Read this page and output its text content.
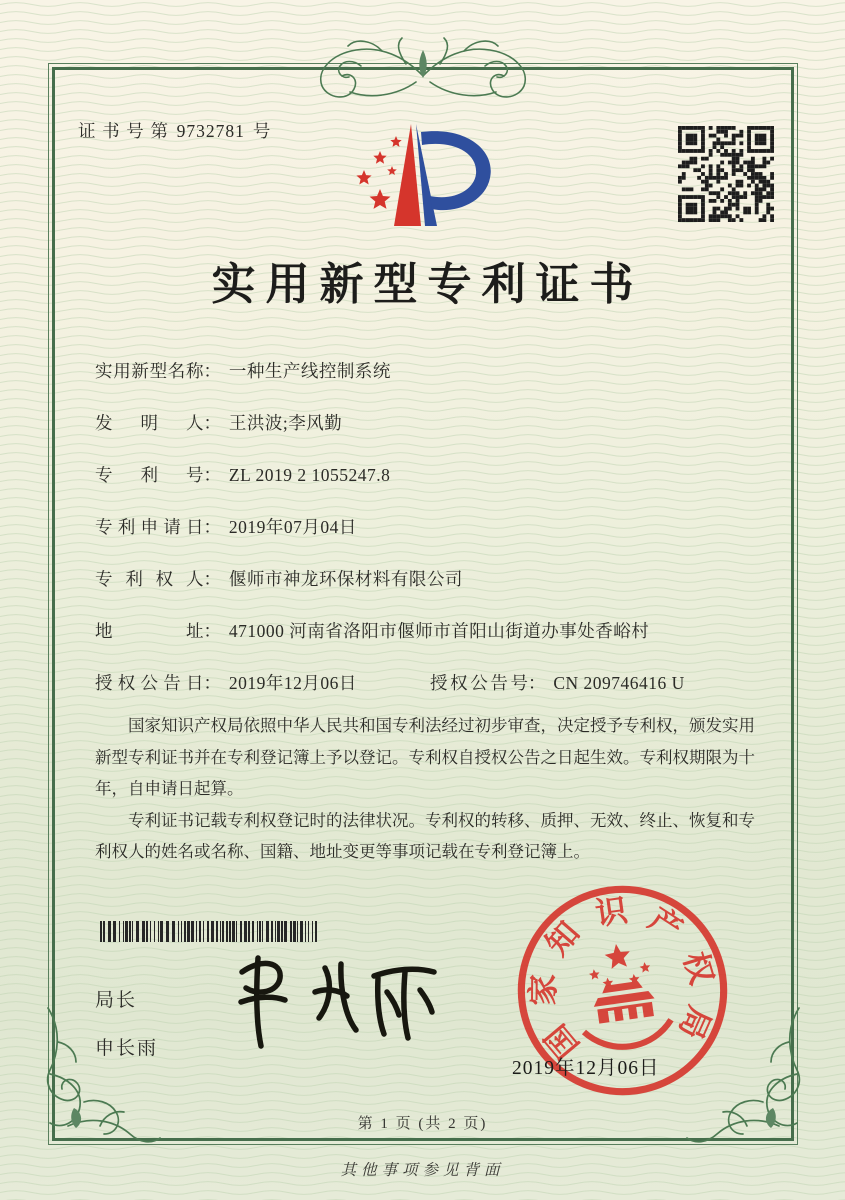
证书号第 9732781 号
实用新型专利证书
实用新型名称： 一种生产线控制系统
发明人： 王洪波;李风勤
专利号： ZL 2019 2 1055247.8
专利申请日： 2019年07月04日
专利权人： 偃师市神龙环保材料有限公司
地址： 471000 河南省洛阳市偃师市首阳山街道办事处香峪村
授权公告日： 2019年12月06日	授权公告号： CN 209746416 U

国家知识产权局依照中华人民共和国专利法经过初步审查，决定授予专利权，颁发实用新型专利证书并在专利登记簿上予以登记。专利权自授权公告之日起生效。专利权期限为十年，自申请日起算。

专利证书记载专利权登记时的法律状况。专利权的转移、质押、无效、终止、恢复和专利权人的姓名或名称、国籍、地址变更等事项记载在专利登记簿上。

局长
申长雨	国
家
知
识 产
权
局
2019年12月06日
第 1 页 (共 2 页)
其他事项参见背面
